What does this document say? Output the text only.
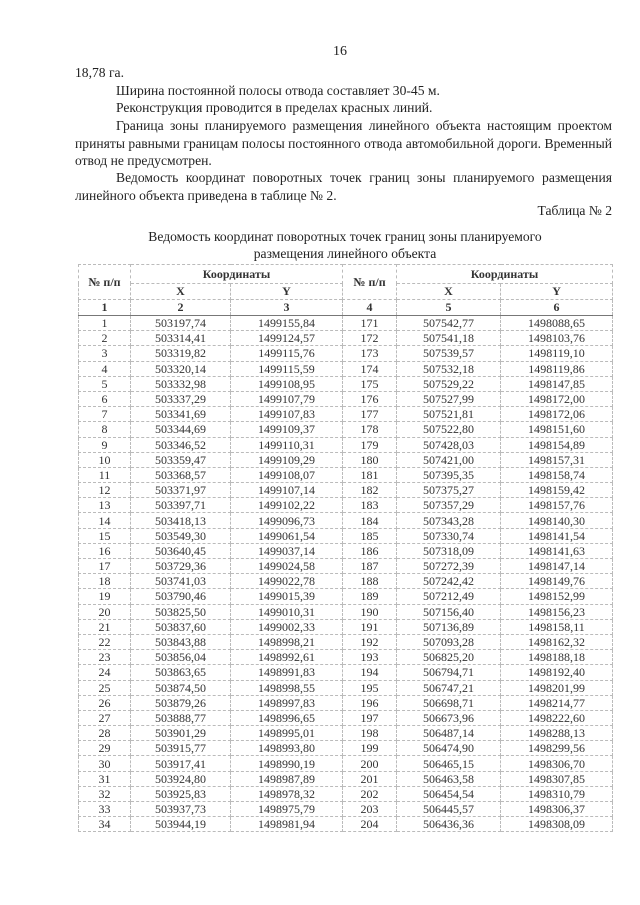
16
18,78 га.
Ширина постоянной полосы отвода составляет 30-45 м.
Реконструкция проводится в пределах красных линий.
Граница зоны планируемого размещения линейного объекта настоящим проектом приняты равными границам полосы постоянного отвода автомобильной дороги. Временный отвод не предусмотрен.
Ведомость координат поворотных точек границ зоны планируемого размещения линейного объекта приведена в таблице № 2.
Таблица № 2
Ведомость координат поворотных точек границ зоны планируемого
размещения линейного объекта
№ п/п	Координаты		№ п/п	Координаты	
	X	Y		X	Y
1	2	3	4	5	6
1	503197,74	1499155,84	171	507542,77	1498088,65
2	503314,41	1499124,57	172	507541,18	1498103,76
3	503319,82	1499115,76	173	507539,57	1498119,10
4	503320,14	1499115,59	174	507532,18	1498119,86
5	503332,98	1499108,95	175	507529,22	1498147,85
6	503337,29	1499107,79	176	507527,99	1498172,00
7	503341,69	1499107,83	177	507521,81	1498172,06
8	503344,69	1499109,37	178	507522,80	1498151,60
9	503346,52	1499110,31	179	507428,03	1498154,89
10	503359,47	1499109,29	180	507421,00	1498157,31
11	503368,57	1499108,07	181	507395,35	1498158,74
12	503371,97	1499107,14	182	507375,27	1498159,42
13	503397,71	1499102,22	183	507357,29	1498157,76
14	503418,13	1499096,73	184	507343,28	1498140,30
15	503549,30	1499061,54	185	507330,74	1498141,54
16	503640,45	1499037,14	186	507318,09	1498141,63
17	503729,36	1499024,58	187	507272,39	1498147,14
18	503741,03	1499022,78	188	507242,42	1498149,76
19	503790,46	1499015,39	189	507212,49	1498152,99
20	503825,50	1499010,31	190	507156,40	1498156,23
21	503837,60	1499002,33	191	507136,89	1498158,11
22	503843,88	1498998,21	192	507093,28	1498162,32
23	503856,04	1498992,61	193	506825,20	1498188,18
24	503863,65	1498991,83	194	506794,71	1498192,40
25	503874,50	1498998,55	195	506747,21	1498201,99
26	503879,26	1498997,83	196	506698,71	1498214,77
27	503888,77	1498996,65	197	506673,96	1498222,60
28	503901,29	1498995,01	198	506487,14	1498288,13
29	503915,77	1498993,80	199	506474,90	1498299,56
30	503917,41	1498990,19	200	506465,15	1498306,70
31	503924,80	1498987,89	201	506463,58	1498307,85
32	503925,83	1498978,32	202	506454,54	1498310,79
33	503937,73	1498975,79	203	506445,57	1498306,37
34	503944,19	1498981,94	204	506436,36	1498308,09
